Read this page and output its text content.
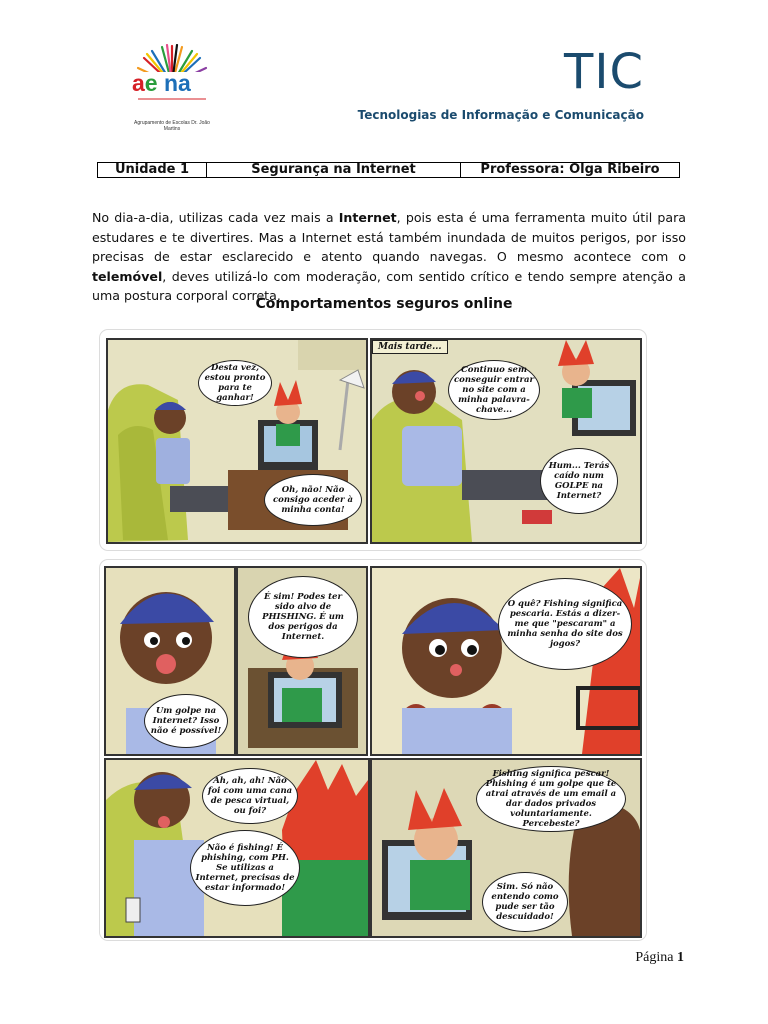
ae na
Agrupamento de Escolas Dr. João Martins
TIC
Tecnologias de Informação e Comunicação
Unidade 1	Segurança na Internet	Professora: Olga Ribeiro
No dia-a-dia, utilizas cada vez mais a Internet, pois esta é uma ferramenta muito útil para estudares e te divertires. Mas a Internet está também inundada de muitos perigos, por isso precisas de estar esclarecido e atento quando navegas. O mesmo acontece com o telemóvel, deves utilizá-lo com moderação, com sentido crítico e tendo sempre atenção a uma postura corporal correta.
Comportamentos seguros online
Desta vez, estou pronto para te ganhar!
Oh, não! Não consigo aceder à minha conta!
Mais tarde...
Continuo sem conseguir entrar no site com a minha palavra-chave...
Hum... Terás caído num GOLPE na Internet?
Um golpe na Internet? Isso não é possível!
É sim! Podes ter sido alvo de PHISHING. É um dos perigos da Internet.
O quê? Fishing significa pescaria. Estás a dizer-me que "pescaram" a minha senha do site dos jogos?
Ah, ah, ah! Não foi com uma cana de pesca virtual, ou foi?
Não é fishing! É phishing, com PH. Se utilizas a Internet, precisas de estar informado!
Fishing significa pescar! Phishing é um golpe que te atrai através de um email a dar dados privados voluntariamente. Percebeste?
Sim. Só não entendo como pude ser tão descuidado!
Página 1
